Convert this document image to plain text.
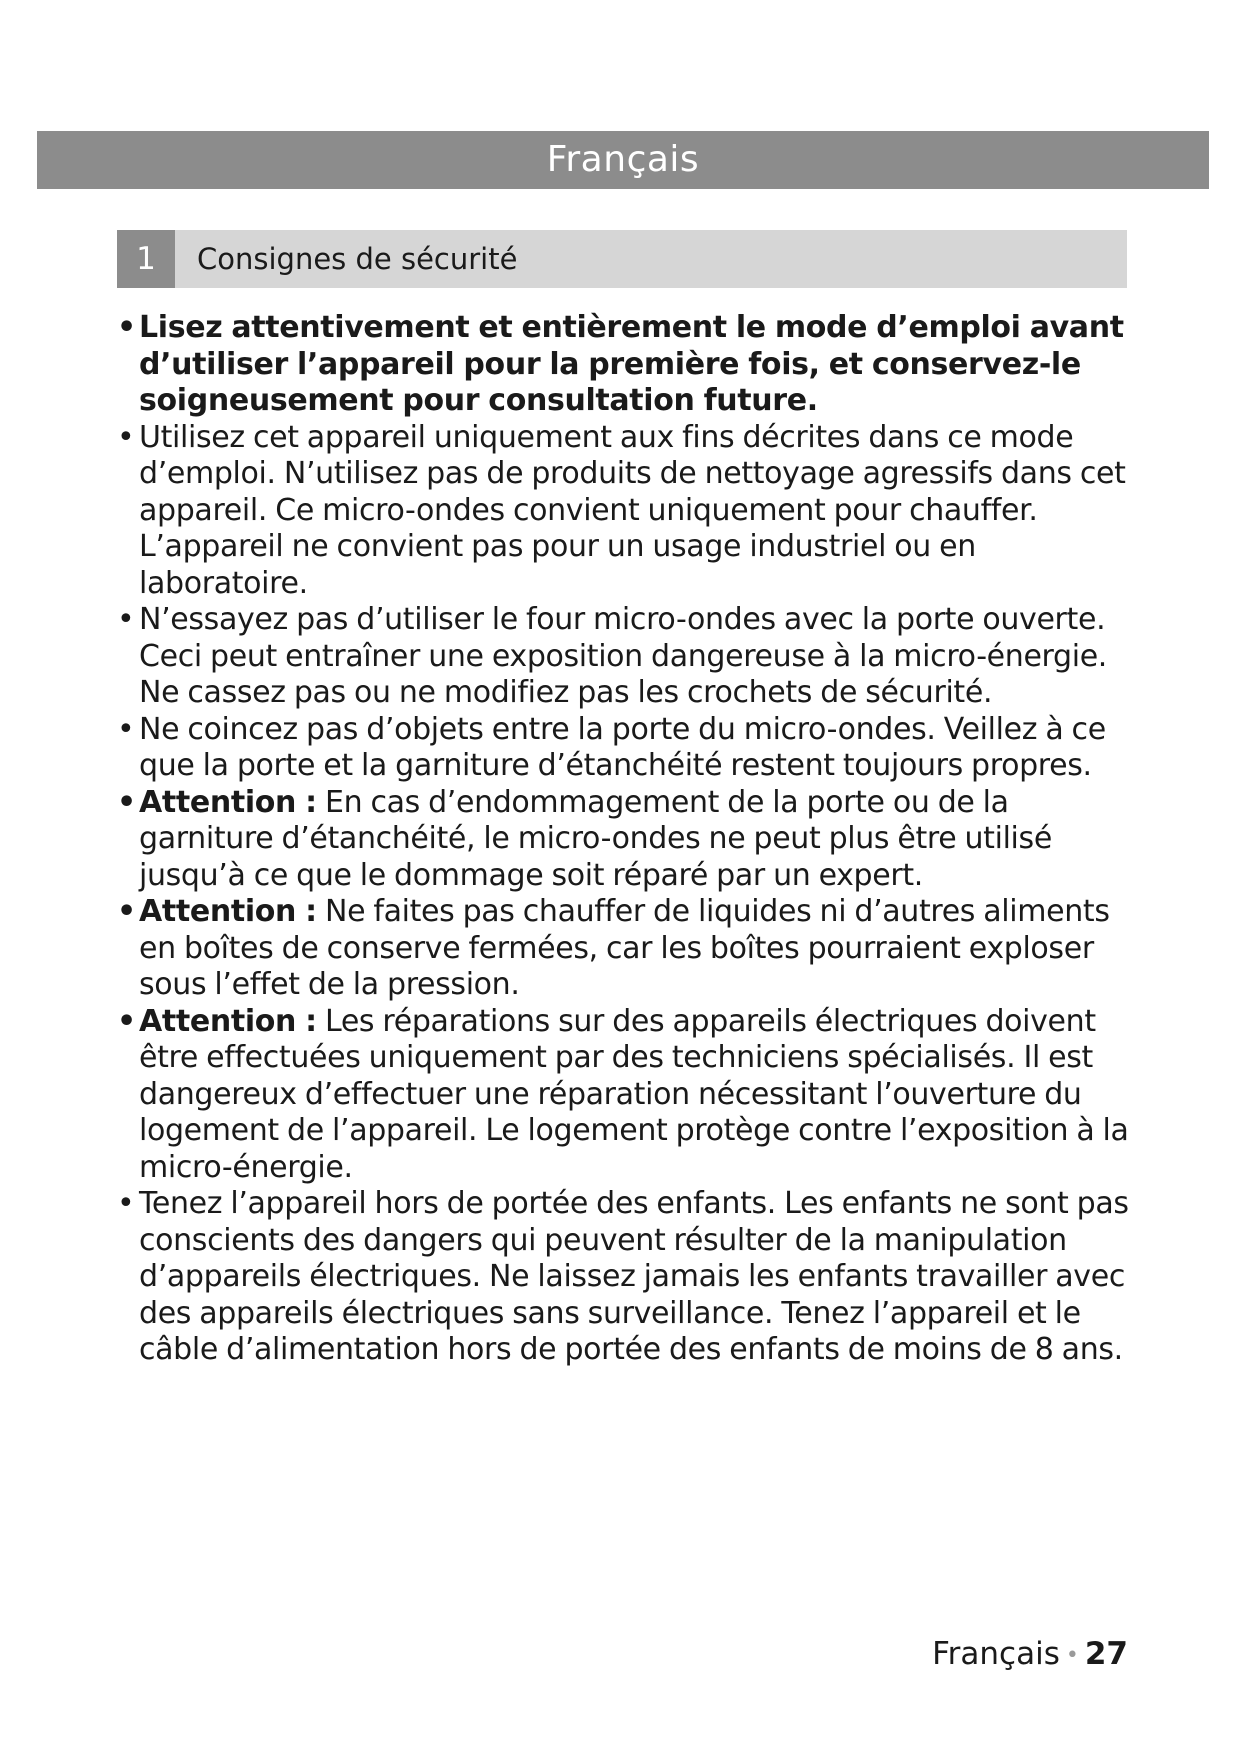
Français
1	Consignes de sécurité
• Lisez attentivement et entièrement le mode d’emploi avant d’utiliser l’appareil pour la première fois, et conservez-le soigneusement pour consultation future.
• Utilisez cet appareil uniquement aux fins décrites dans ce mode d’emploi. N’utilisez pas de produits de nettoyage agressifs dans cet appareil. Ce micro-ondes convient uniquement pour chauffer. L’appareil ne convient pas pour un usage industriel ou en laboratoire.
• N’essayez pas d’utiliser le four micro-ondes avec la porte ouverte. Ceci peut entraîner une exposition dangereuse à la micro-énergie. Ne cassez pas ou ne modifiez pas les crochets de sécurité.
• Ne coincez pas d’objets entre la porte du micro-ondes. Veillez à ce que la porte et la garniture d’étanchéité restent toujours propres.
• Attention : En cas d’endommagement de la porte ou de la garniture d’étanchéité, le micro-ondes ne peut plus être utilisé jusqu’à ce que le dommage soit réparé par un expert.
• Attention : Ne faites pas chauffer de liquides ni d’autres aliments en boîtes de conserve fermées, car les boîtes pourraient exploser sous l’effet de la pression.
• Attention : Les réparations sur des appareils électriques doivent être effectuées uniquement par des techniciens spécialisés. Il est dangereux d’effectuer une réparation nécessitant l’ouverture du logement de l’appareil. Le logement protège contre l’exposition à la micro-énergie.
• Tenez l’appareil hors de portée des enfants. Les enfants ne sont pas conscients des dangers qui peuvent résulter de la manipulation d’appareils électriques. Ne laissez jamais les enfants travailler avec des appareils électriques sans surveillance. Tenez l’appareil et le câble d’alimentation hors de portée des enfants de moins de 8 ans.
Français • 27
